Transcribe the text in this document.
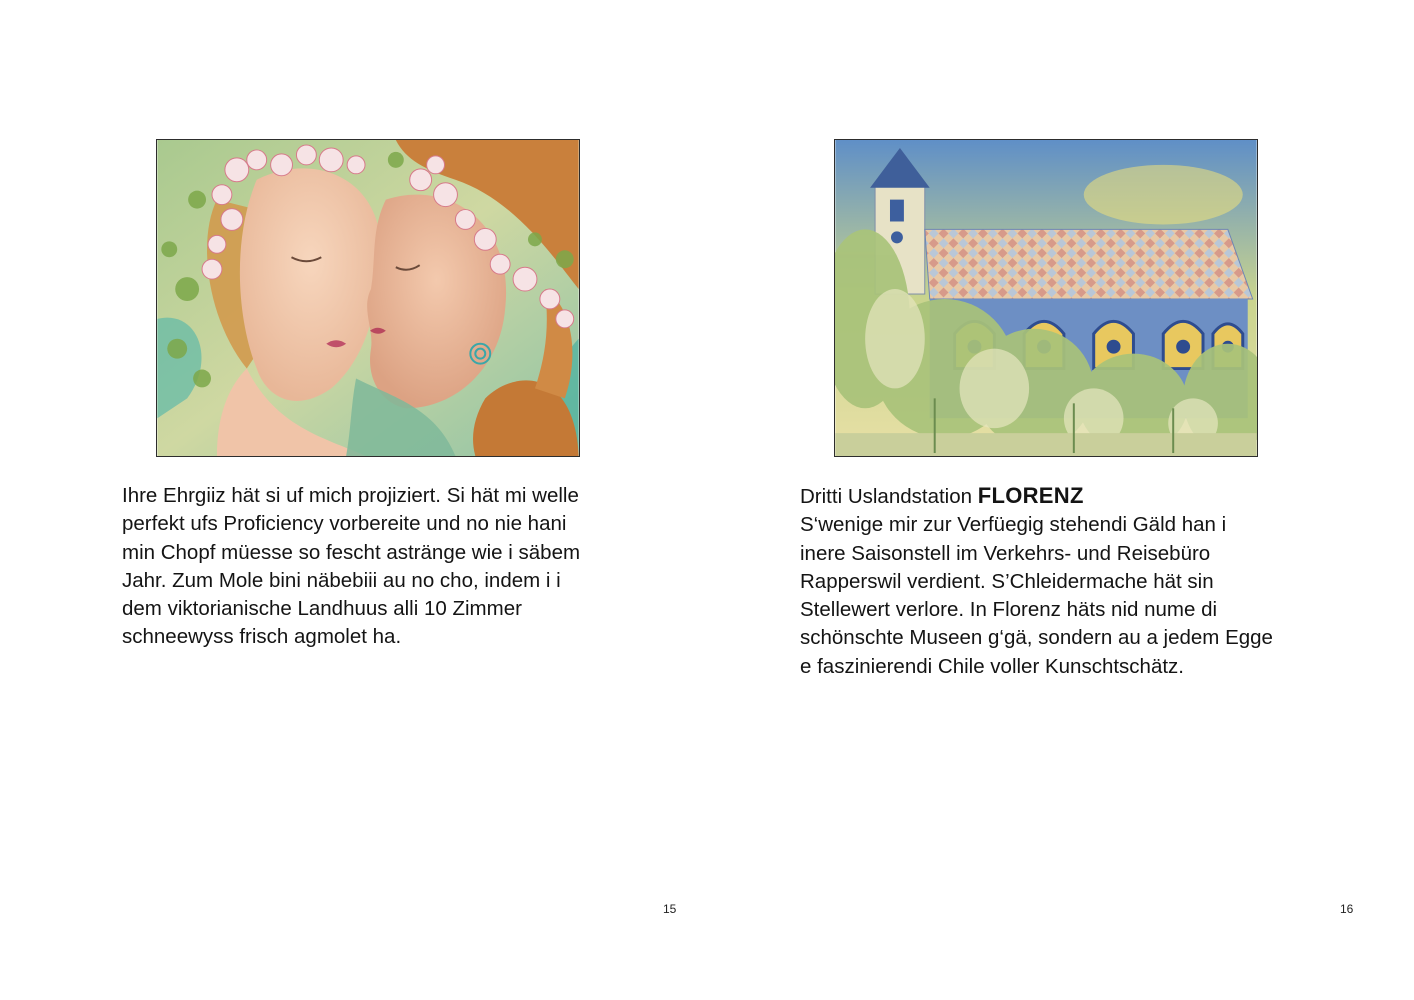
Ihre Ehrgiiz hät si uf mich projiziert. Si hät mi welle
perfekt ufs Proficiency vorbereite und no nie hani
min Chopf müesse so fescht astränge wie i säbem
Jahr. Zum Mole bini näbebiii au no cho, indem i i
dem viktorianische Landhuus alli 10 Zimmer
schneewyss frisch agmolet ha.

15

Dritti Uslandstation FLORENZ
S‘wenige mir zur Verfüegig stehendi Gäld han i
inere Saisonstell im Verkehrs- und Reisebüro
Rapperswil verdient. S’Chleidermache hät sin
Stellewert verlore. In Florenz häts nid nume di
schönschte Museen g‘gä, sondern au a jedem Egge
e faszinierendi Chile voller Kunschtschätz.

16
